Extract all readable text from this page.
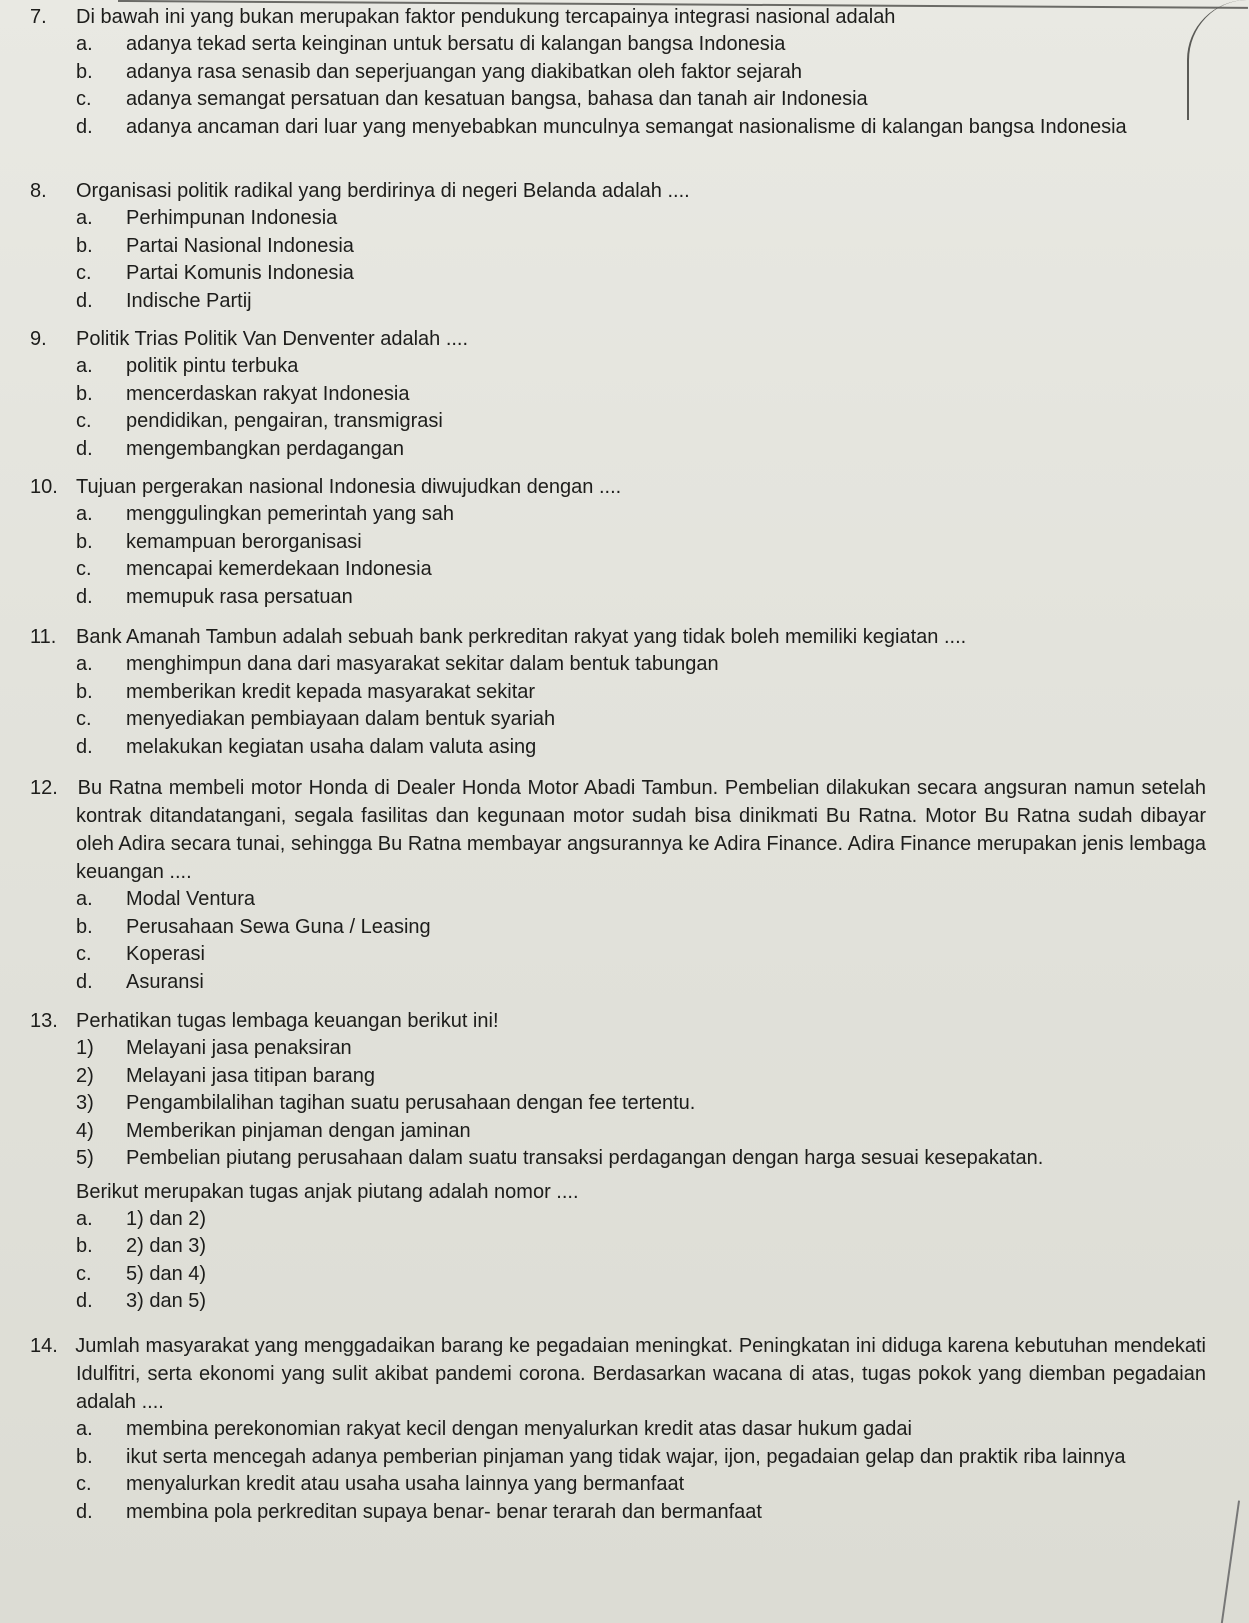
7.	Di bawah ini yang bukan merupakan faktor pendukung tercapainya integrasi nasional adalah
a.	adanya tekad serta keinginan untuk bersatu di kalangan bangsa Indonesia
b.	adanya rasa senasib dan seperjuangan yang diakibatkan oleh faktor sejarah
c.	adanya semangat persatuan dan kesatuan bangsa, bahasa dan tanah air Indonesia
d.	adanya ancaman dari luar yang menyebabkan munculnya semangat nasionalisme di kalangan bangsa Indonesia
8.	Organisasi politik radikal yang berdirinya di negeri Belanda adalah ....
a.	Perhimpunan Indonesia
b.	Partai Nasional Indonesia
c.	Partai Komunis Indonesia
d.	Indische Partij
9.	Politik Trias Politik Van Denventer adalah ....
a.	politik pintu terbuka
b.	mencerdaskan rakyat Indonesia
c.	pendidikan, pengairan, transmigrasi
d.	mengembangkan perdagangan
10. Tujuan pergerakan nasional Indonesia diwujudkan dengan ....
a.	menggulingkan pemerintah yang sah
b.	kemampuan berorganisasi
c.	mencapai kemerdekaan Indonesia
d.	memupuk rasa persatuan
11. Bank Amanah Tambun adalah sebuah bank perkreditan rakyat yang tidak boleh memiliki kegiatan ....
a.	menghimpun dana dari masyarakat sekitar dalam bentuk tabungan
b.	memberikan kredit kepada masyarakat sekitar
c.	menyediakan pembiayaan dalam bentuk syariah
d.	melakukan kegiatan usaha dalam valuta asing
12. Bu Ratna membeli motor Honda di Dealer Honda Motor Abadi Tambun. Pembelian dilakukan secara angsuran namun setelah kontrak ditandatangani, segala fasilitas dan kegunaan motor sudah bisa dinikmati Bu Ratna. Motor Bu Ratna sudah dibayar oleh Adira secara tunai, sehingga Bu Ratna membayar angsurannya ke Adira Finance. Adira Finance merupakan jenis lembaga keuangan ....
a.	Modal Ventura
b.	Perusahaan Sewa Guna / Leasing
c.	Koperasi
d.	Asuransi
13. Perhatikan tugas lembaga keuangan berikut ini!
1)	Melayani jasa penaksiran
2)	Melayani jasa titipan barang
3)	Pengambilalihan tagihan suatu perusahaan dengan fee tertentu.
4)	Memberikan pinjaman dengan jaminan
5)	Pembelian piutang perusahaan dalam suatu transaksi perdagangan dengan harga sesuai kesepakatan.
Berikut merupakan tugas anjak piutang adalah nomor ....
a.	1) dan 2)
b.	2) dan 3)
c.	5) dan 4)
d.	3) dan 5)
14. Jumlah masyarakat yang menggadaikan barang ke pegadaian meningkat. Peningkatan ini diduga karena kebutuhan mendekati Idulfitri, serta ekonomi yang sulit akibat pandemi corona. Berdasarkan wacana di atas, tugas pokok yang diemban pegadaian adalah ....
a.	membina perekonomian rakyat kecil dengan menyalurkan kredit atas dasar hukum gadai
b.	ikut serta mencegah adanya pemberian pinjaman yang tidak wajar, ijon, pegadaian gelap dan praktik riba lainnya
c.	menyalurkan kredit atau usaha usaha lainnya yang bermanfaat
d.	membina pola perkreditan supaya benar- benar terarah dan bermanfaat
